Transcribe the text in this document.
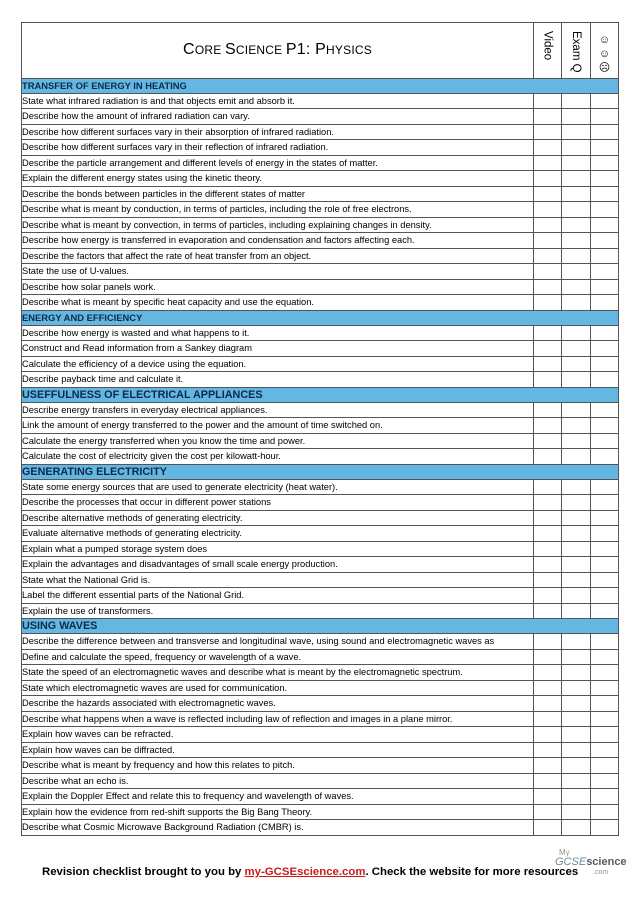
CORE SCIENCE P1: PHYSICS	Video	Exam Q	☺
☺
☹

TRANSFER OF ENERGY IN HEATING			
State what infrared radiation is and that objects emit and absorb it.			
Describe how the amount of infrared radiation can vary.			
Describe how different surfaces vary in their absorption of infrared radiation.			
Describe how different surfaces vary in their reflection of infrared radiation.			
Describe the particle arrangement and different levels of energy in the states of matter.			
Explain the different energy states using the kinetic theory.			
Describe the bonds between particles in the different states of matter			
Describe what is meant by conduction, in terms of particles, including the role of free electrons.			
Describe what is meant by convection, in terms of particles, including explaining changes in density.			
Describe how energy is transferred in evaporation and condensation and factors affecting each.			
Describe the factors that affect the rate of heat transfer from an object.			
State the use of U-values.			
Describe how solar panels work.			
Describe what is meant by specific heat capacity and use the equation.			
ENERGY AND EFFICIENCY			
Describe how energy is wasted and what happens to it.			
Construct and Read information from a Sankey diagram			
Calculate the efficiency of a device using the equation.			
Describe payback time and calculate it.			
USEFFULNESS OF ELECTRICAL APPLIANCES			
Describe energy transfers in everyday electrical appliances.			
Link the amount of energy transferred to the power and the amount of time switched on.			
Calculate the energy transferred when you know the time and power.			
Calculate the cost of electricity given the cost per kilowatt-hour.			
GENERATING ELECTRICITY			
State some energy sources that are used to generate electricity (heat water).			
Describe the processes that occur in different power stations			
Describe alternative methods of generating electricity.			
Evaluate alternative methods of generating electricity.			
Explain what a pumped storage system does			
Explain the advantages and disadvantages of small scale energy production.			
State what the National Grid is.			
Label the different essential parts of the National Grid.			
Explain the use of transformers.			
USING WAVES			
Describe the difference between and transverse and longitudinal wave, using sound and electromagnetic waves as			
Define and calculate the speed, frequency or wavelength of a wave.			
State the speed of an electromagnetic waves and describe what is meant by the electromagnetic spectrum.			
State which electromagnetic waves are used for communication.			
Describe the hazards associated with electromagnetic waves.			
Describe what happens when a wave is reflected including law of reflection and images in a plane mirror.			
Explain how waves can be refracted.			
Explain how waves can be diffracted.			
Describe what is meant by frequency and how this relates to pitch.			
Describe what an echo is.			
Explain the Doppler Effect and relate this to frequency and wavelength of waves.			
Explain how the evidence from red-shift supports the Big Bang Theory.			
Describe what Cosmic Microwave Background Radiation (CMBR) is.			
Revision checklist brought to you by my-GCSEscience.com. Check the website for more resources
My
GCSEscience
.com
